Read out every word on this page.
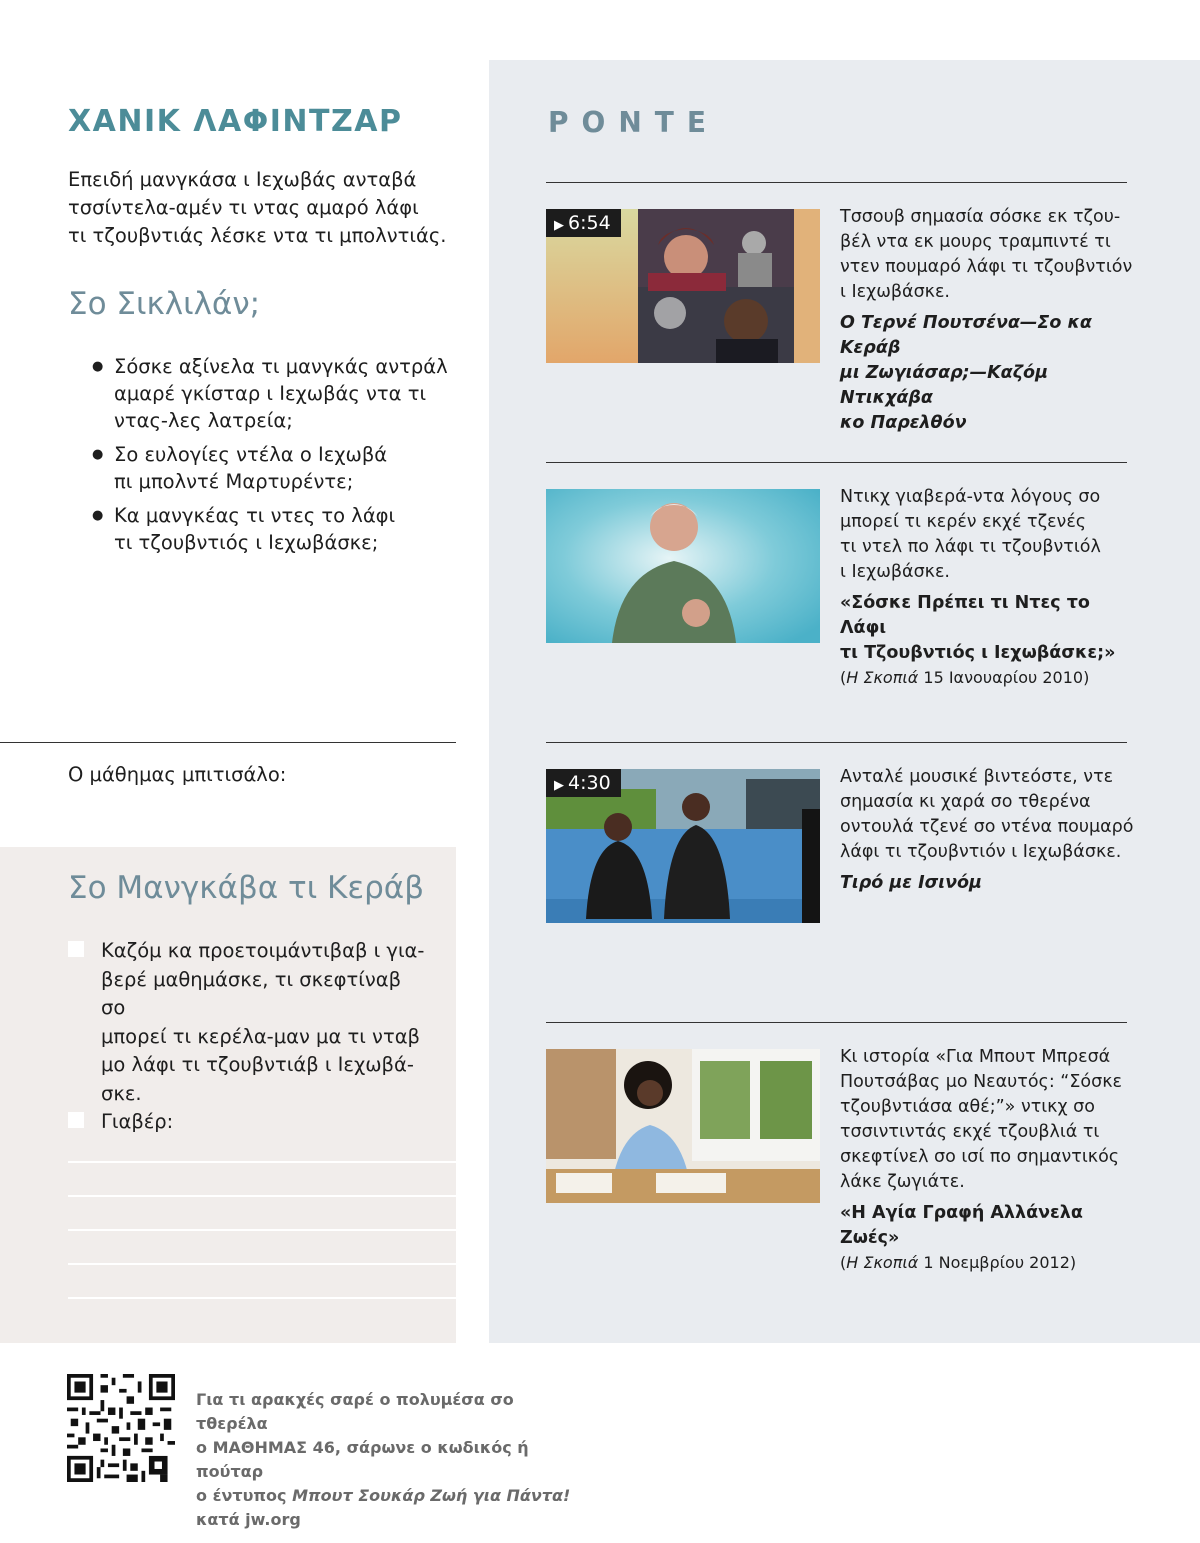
ΧΑΝΙΚ ΛΑΦΙΝΤΖΑΡ

Επειδή μανγκάσα ι Ιεχωβάς ανταβά
τσσίντελα-αμέν τι ντας αμαρό λάφι
τι τζουβντιάς λέσκε ντα τι μπολντιάς.

Σο Σικλιλάν;
● Σόσκε αξίνελα τι μανγκάς αντράλ
αμαρέ γκίσταρ ι Ιεχωβάς ντα τι
ντας-λες λατρεία;
● Σο ευλογίες ντέλα ο Ιεχωβά
πι μπολντέ Μαρτυρέντε;
● Κα μανγκέας τι ντες το λάφι
τι τζουβντιός ι Ιεχωβάσκε;

Ο μάθημας μπιτισάλο:

Σο Μανγκάβα τι Κεράβ
Καζόμ κα προετοιμάντιβαβ ι για-
βερέ μαθημάσκε, τι σκεφτίναβ σο
μπορεί τι κερέλα-μαν μα τι νταβ
μο λάφι τι τζουβντιάβ ι Ιεχωβά-
σκε.
Γιαβέρ:
ΡΟΝΤΕ
▶ 6:54	Τσσουβ σημασία σόσκε εκ τζου-
βέλ ντα εκ μουρς τραμπιντέ τι
ντεν πουμαρό λάφι τι τζουβντιόν
ι Ιεχωβάσκε.
Ο Τερνέ Πουτσένα—Σο κα Κεράβ
μι Ζωγιάσαρ;—Καζόμ Ντικχάβα
κο Παρελθόν
Ντικχ γιαβερά-ντα λόγους σο
μπορεί τι κερέν εκχέ τζενές
τι ντελ πο λάφι τι τζουβντιόλ
ι Ιεχωβάσκε.
«Σόσκε Πρέπει τι Ντες το Λάφι
τι Τζουβντιός ι Ιεχωβάσκε;»
(Η Σκοπιά 15 Ιανουαρίου 2010)
▶ 4:30	Ανταλέ μουσικέ βιντεόστε, ντε
σημασία κι χαρά σο τθερένα
οντουλά τζενέ σο ντένα πουμαρό
λάφι τι τζουβντιόν ι Ιεχωβάσκε.
Τιρό με Ισινόμ
Κι ιστορία «Για Μπουτ Μπρεσά
Πουτσάβας μο Νεαυτός: “Σόσκε
τζουβντιάσα αθέ;”» ντικχ σο
τσσιντιντάς εκχέ τζουβλιά τι
σκεφτίνελ σο ισί πο σημαντικός
λάκε ζωγιάτε.
«Η Αγία Γραφή Αλλάνελα Ζωές»
(Η Σκοπιά 1 Νοεμβρίου 2012)

Για τι αρακχές σαρέ ο πολυμέσα σο τθερέλα
ο ΜΑΘΗΜΑΣ 46, σάρωνε ο κωδικός ή πούταρ
ο έντυπος Μπουτ Σουκάρ Ζωή για Πάντα!
κατά jw.org
